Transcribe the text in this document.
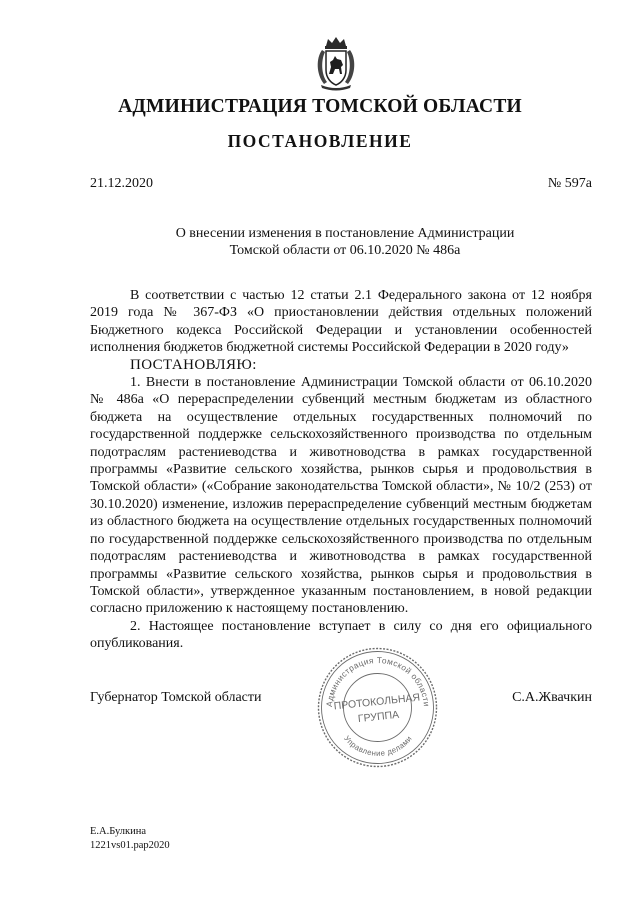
АДМИНИСТРАЦИЯ ТОМСКОЙ ОБЛАСТИ
ПОСТАНОВЛЕНИЕ
21.12.2020	№ 597а
О внесении изменения в постановление Администрации
Томской области от 06.10.2020 № 486а

В соответствии с частью 12 статьи 2.1 Федерального закона от 12 ноября 2019 года № 367-ФЗ «О приостановлении действия отдельных положений Бюджетного кодекса Российской Федерации и установлении особенностей исполнения бюджетов бюджетной системы Российской Федерации в 2020 году»

ПОСТАНОВЛЯЮ:

1. Внести в постановление Администрации Томской области от 06.10.2020 № 486а «О перераспределении субвенций местным бюджетам из областного бюджета на осуществление отдельных государственных полномочий по государственной поддержке сельскохозяйственного производства по отдельным подотраслям растениеводства и животноводства в рамках государственной программы «Развитие сельского хозяйства, рынков сырья и продовольствия в Томской области» («Собрание законодательства Томской области», № 10/2 (253) от 30.10.2020) изменение, изложив перераспределение субвенций местным бюджетам из областного бюджета на осуществление отдельных государственных полномочий по государственной поддержке сельскохозяйственного производства по отдельным подотраслям растениеводства и животноводства в рамках государственной программы «Развитие сельского хозяйства, рынков сырья и продовольствия в Томской области», утвержденное указанным постановлением, в новой редакции согласно приложению к настоящему постановлению.

2. Настоящее постановление вступает в силу со дня его официального опубликования.

Администрация Томской области
Управление делами
ПРОТОКОЛЬНАЯ
ГРУППА
Губернатор Томской области	С.А.Жвачкин
Е.А.Булкина
1221vs01.pap2020
